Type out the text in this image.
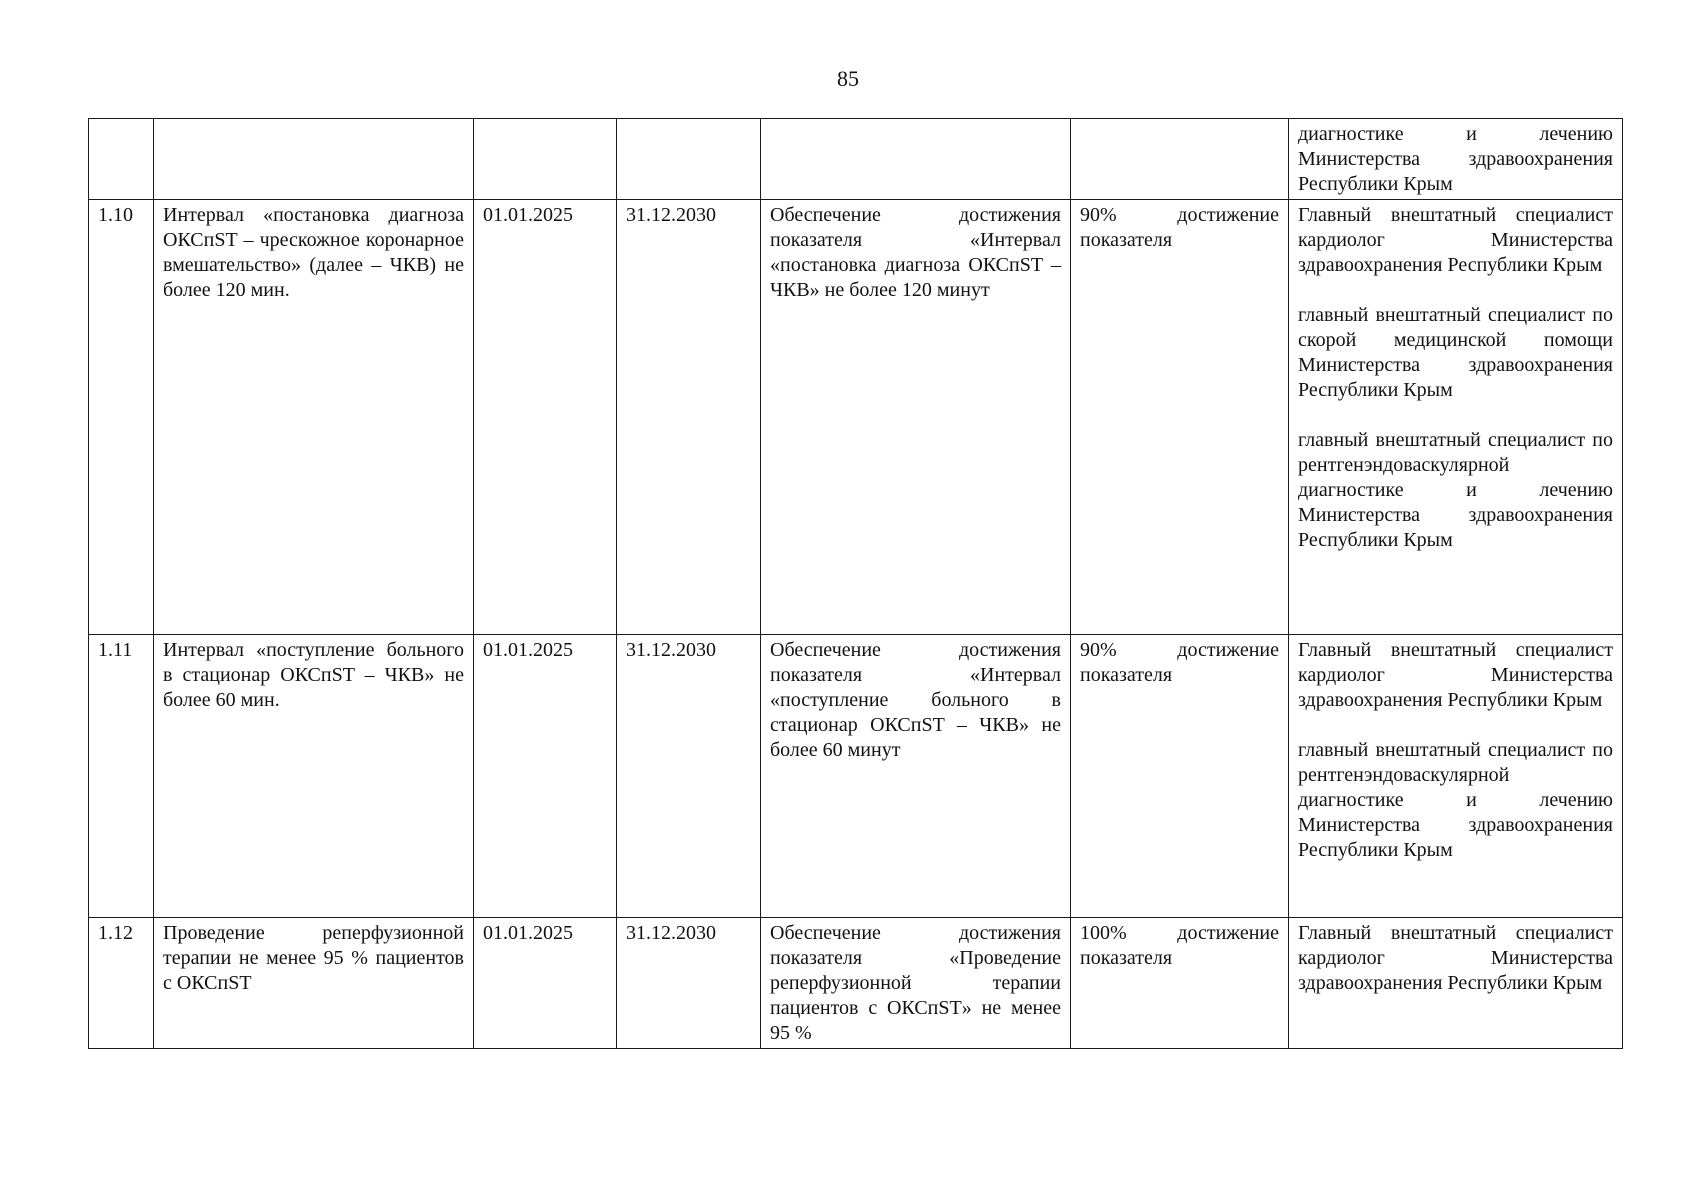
85

						диагностике и лечению Министерства здравоохранения Республики Крым

1.10	Интервал «постановка диагноза ОКСпST – чрескожное коронарное вмешательство» (далее – ЧКВ) не более 120 мин.	01.01.2025	31.12.2030	Обеспечение достижения показателя «Интервал «постановка диагноза ОКСпST – ЧКВ» не более 120 минут	90% достижение показателя	Главный внештатный специалист кардиолог Министерства здравоохранения Республики Крым
главный внештатный специалист по скорой медицинской помощи Министерства здравоохранения Республики Крым
главный внештатный специалист по рентгенэндоваскулярной диагностике и лечению Министерства здравоохранения Республики Крым

1.11	Интервал «поступление больного в стационар ОКСпST – ЧКВ» не более 60 мин.	01.01.2025	31.12.2030	Обеспечение достижения показателя «Интервал «поступление больного в стационар ОКСпST – ЧКВ» не более 60 минут	90% достижение показателя	Главный внештатный специалист кардиолог Министерства здравоохранения Республики Крым
главный внештатный специалист по рентгенэндоваскулярной диагностике и лечению Министерства здравоохранения Республики Крым

1.12	Проведение реперфузионной терапии не менее 95 % пациентов с ОКСпST	01.01.2025	31.12.2030	Обеспечение достижения показателя «Проведение реперфузионной терапии пациентов с ОКСпST» не менее 95 %	100% достижение показателя	Главный внештатный специалист кардиолог Министерства здравоохранения Республики Крым
